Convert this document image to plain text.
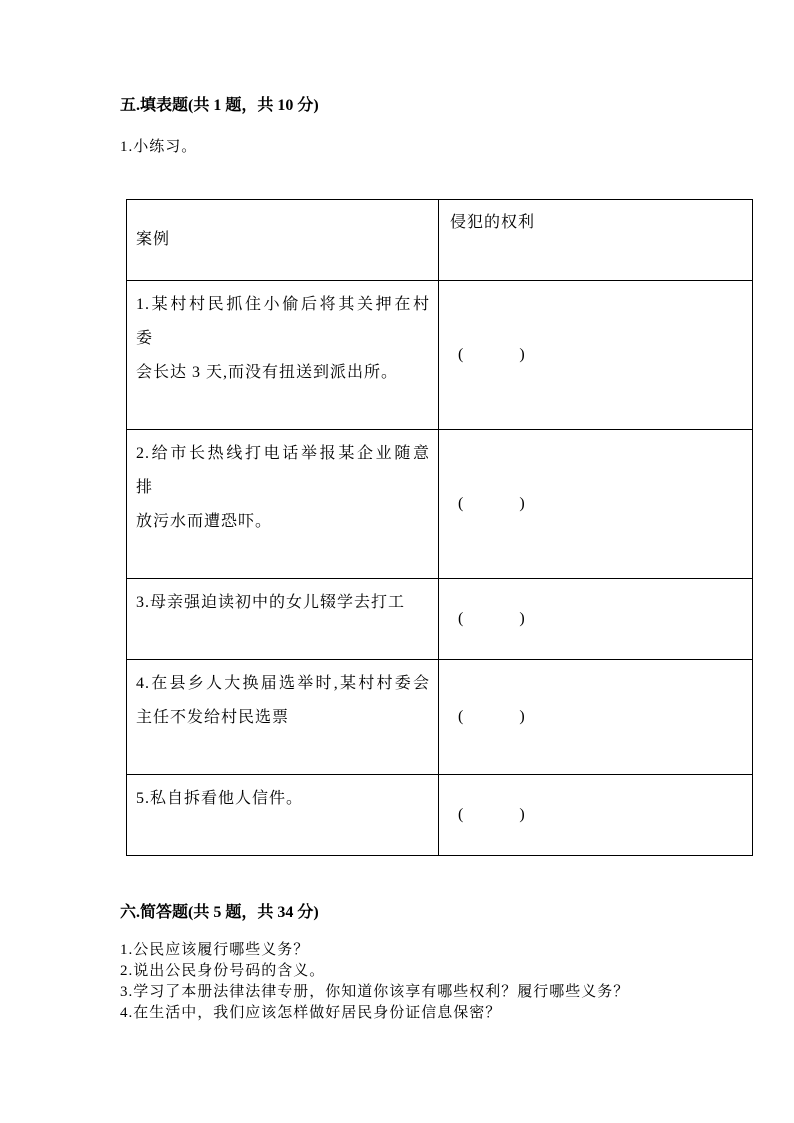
五.填表题(共 1 题，共 10 分)
1.小练习。
案例	侵犯的权利

1.某村村民抓住小偷后将其关押在村
委
会长达 3 天,而没有扭送到派出所。	(　　　)

2.给市长热线打电话举报某企业随意
排
放污水而遭恐吓。	(　　　)

3.母亲强迫读初中的女儿辍学去打工	(　　　)

4.在县乡人大换届选举时,某村村委会
主任不发给村民选票	(　　　)

5.私自拆看他人信件。	(　　　)
六.简答题(共 5 题，共 34 分)
1.公民应该履行哪些义务？
2.说出公民身份号码的含义。
3.学习了本册法律法律专册，你知道你该享有哪些权利？履行哪些义务？
4.在生活中，我们应该怎样做好居民身份证信息保密？
